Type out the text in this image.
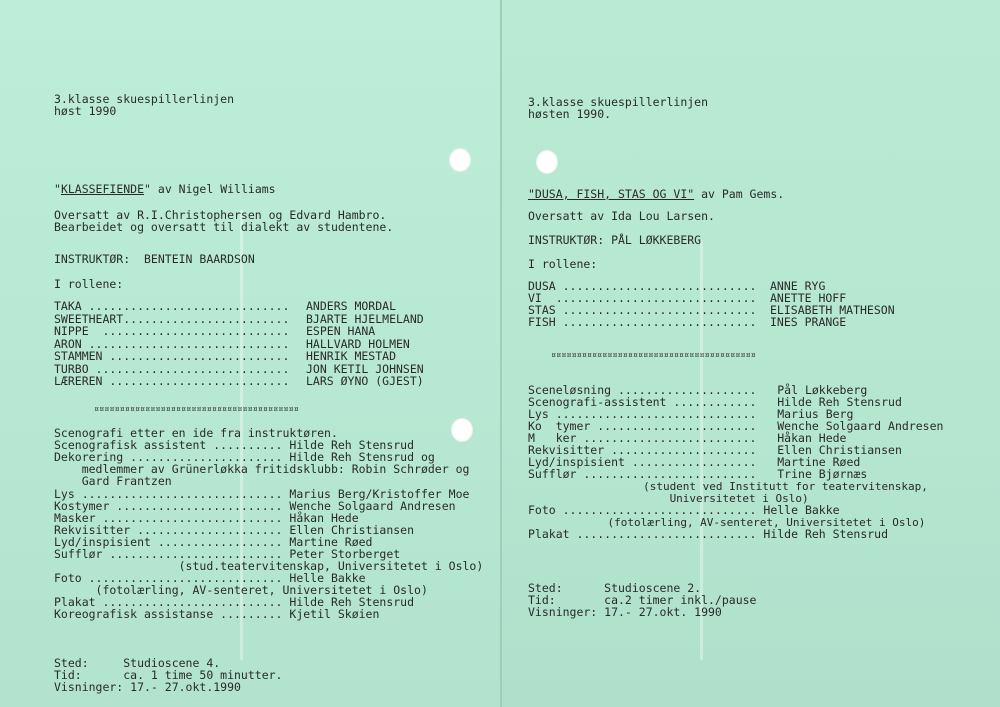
3.klasse skuespillerlinjen
høst 1990
"KLASSEFIENDE" av Nigel Williams
Oversatt av R.I.Christophersen og Edvard Hambro.
Bearbeidet og oversatt til dialekt av studentene.
INSTRUKTØR:  BENTEIN BAARDSON
I rollene:
TAKA ............................. ANDERS MORDAL
SWEETHEART........................ BJARTE HJELMELAND
NIPPE  ........................... ESPEN HANA
ARON ............................. HALLVARD HOLMEN
STAMMEN .......................... HENRIK MESTAD
TURBO ............................ JON KETIL JOHNSEN
LÆREREN .......................... LARS ØYNO (GJEST)
¤¤¤¤¤¤¤¤¤¤¤¤¤¤¤¤¤¤¤¤¤¤¤¤¤¤¤¤¤¤¤¤¤¤¤¤¤¤¤¤
Scenografi etter en ide fra instruktøren.
Scenografisk assistent .......... Hilde Reh Stensrud
Dekorering ...................... Hilde Reh Stensrud og
medlemmer av Grünerløkka fritidsklubb: Robin Schrøder og
Gard Frantzen
Lys ............................. Marius Berg/Kristoffer Moe
Kostymer ........................ Wenche Solgaard Andresen
Masker .......................... Håkan Hede
Rekvisitter ..................... Ellen Christiansen
Lyd/inspisient .................. Martine Røed
Sufflør ......................... Peter Storberget
(stud.teatervitenskap, Universitetet i Oslo)
Foto ............................ Helle Bakke
(fotolærling, AV-senteret, Universitetet i Oslo)
Plakat .......................... Hilde Reh Stensrud
Koreografisk assistanse ......... Kjetil Skøien
Sted:     Studioscene 4.
Tid:      ca. 1 time 50 minutter.
Visninger: 17.- 27.okt.1990
3.klasse skuespillerlinjen
høsten 1990.
"DUSA, FISH, STAS OG VI" av Pam Gems.
Oversatt av Ida Lou Larsen.
INSTRUKTØR: PÅL LØKKEBERG
I rollene:
DUSA ............................ ANNE RYG
VI  ............................. ANETTE HOFF
STAS ............................ ELISABETH MATHESON
FISH ............................ INES PRANGE
¤¤¤¤¤¤¤¤¤¤¤¤¤¤¤¤¤¤¤¤¤¤¤¤¤¤¤¤¤¤¤¤¤¤¤¤¤¤¤¤
Sceneløsning ....................   Pål Løkkeberg
Scenografi-assistent ............   Hilde Reh Stensrud
Lys .............................   Marius Berg
Ko  tymer .......................   Wenche Solgaard Andresen
M   ker .........................   Håkan Hede
Rekvisitter .....................   Ellen Christiansen
Lyd/inspisient ..................   Martine Røed
Sufflør .........................   Trine Bjørnæs
(student ved Institutt for teatervitenskap,
Universitetet i Oslo)
Foto ............................ Helle Bakke
(fotolærling, AV-senteret, Universitetet i Oslo)
Plakat .......................... Hilde Reh Stensrud
Sted:      Studioscene 2.
Tid:       ca.2 timer inkl./pause
Visninger: 17.- 27.okt. 1990
